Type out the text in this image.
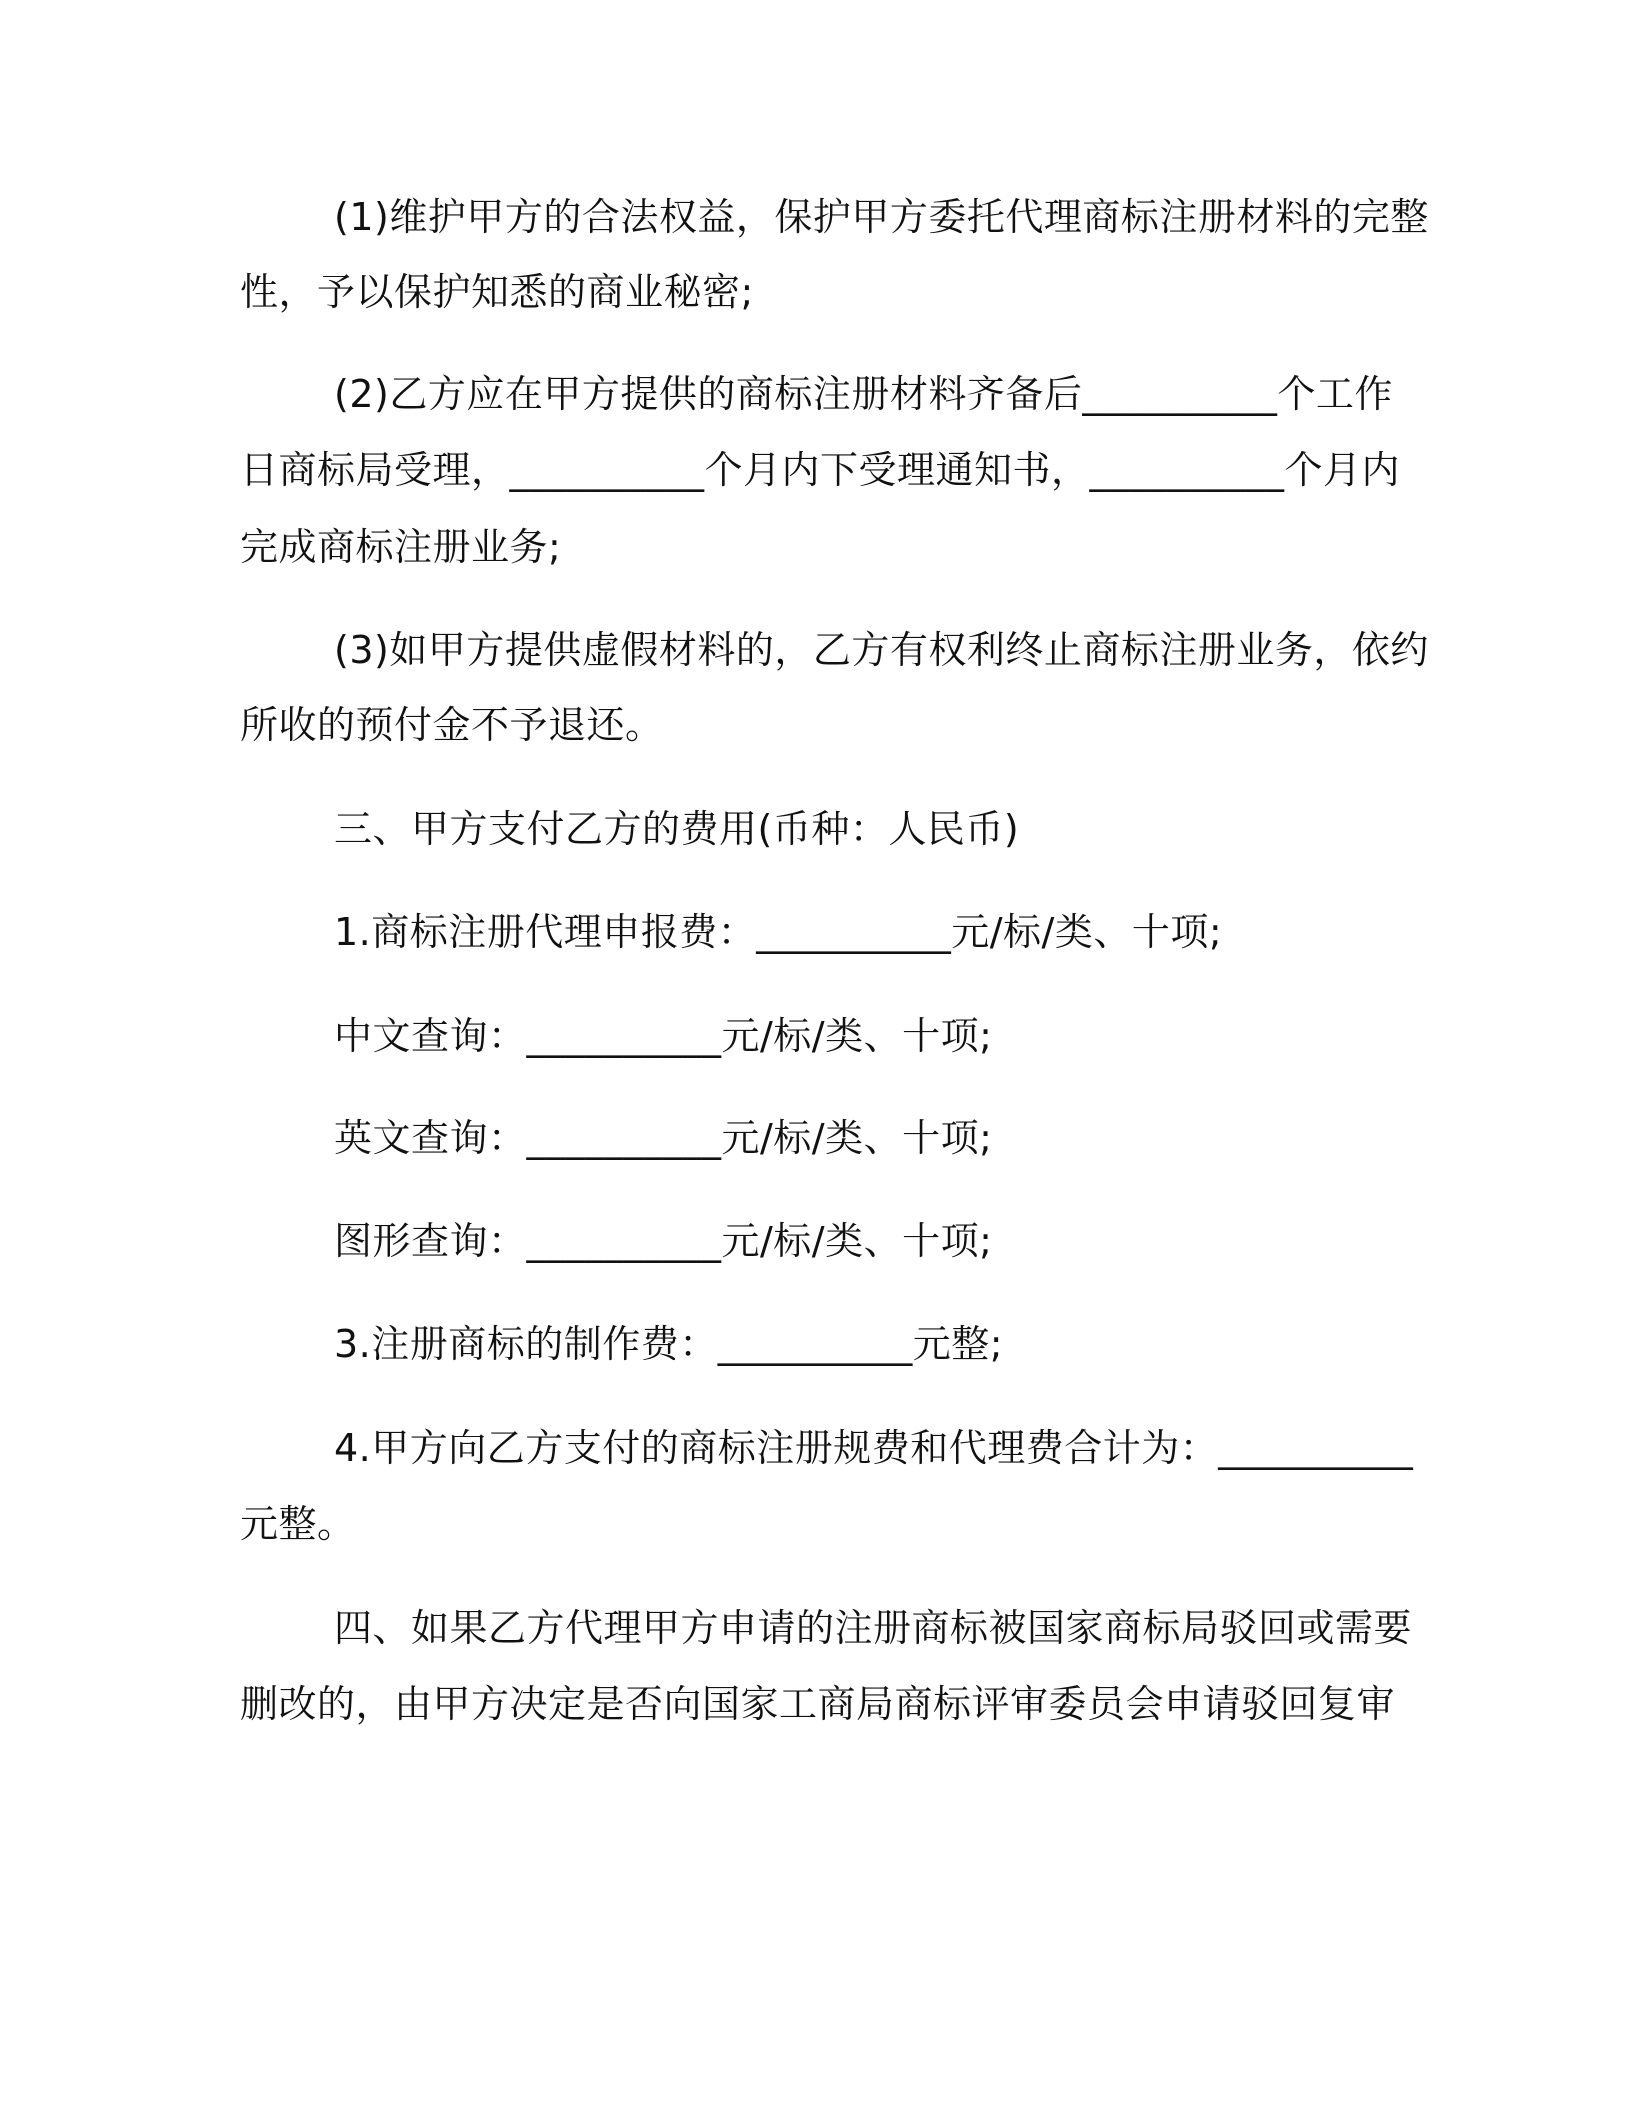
(1)维护甲方的合法权益，保护甲方委托代理商标注册材料的完整
性，予以保护知悉的商业秘密;
(2)乙方应在甲方提供的商标注册材料齐备后__________个工作
日商标局受理，__________个月内下受理通知书，__________个月内
完成商标注册业务;
(3)如甲方提供虚假材料的，乙方有权利终止商标注册业务，依约
所收的预付金不予退还。
三、甲方支付乙方的费用(币种：人民币)
1.商标注册代理申报费：__________元/标/类、十项;
中文查询：__________元/标/类、十项;
英文查询：__________元/标/类、十项;
图形查询：__________元/标/类、十项;
3.注册商标的制作费：__________元整;
4.甲方向乙方支付的商标注册规费和代理费合计为：__________
元整。
四、如果乙方代理甲方申请的注册商标被国家商标局驳回或需要
删改的，由甲方决定是否向国家工商局商标评审委员会申请驳回复审
